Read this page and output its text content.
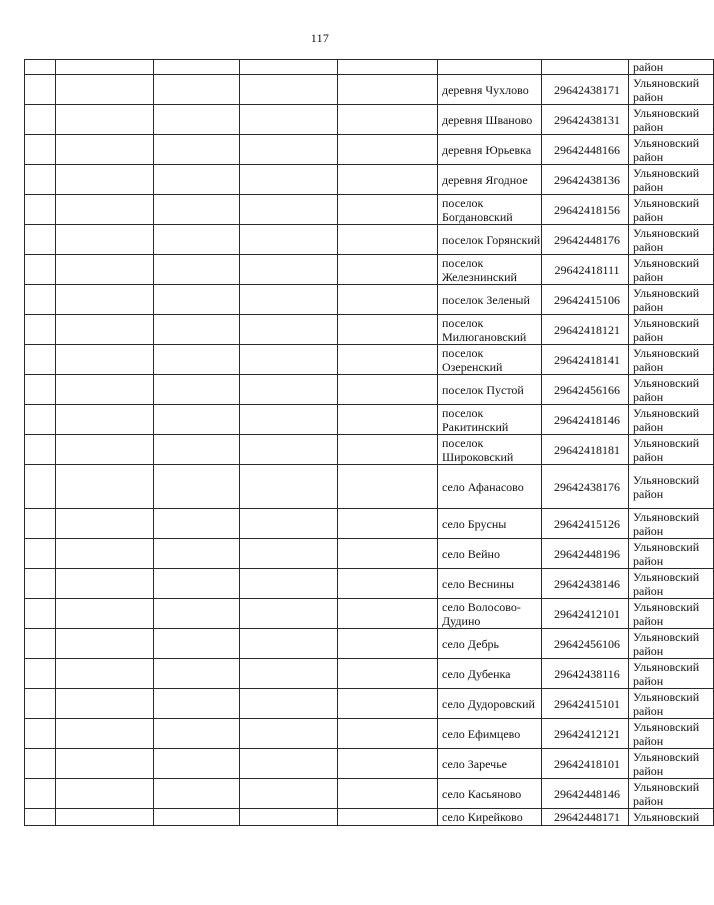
117
							район
					деревня Чухлово	29642438171	Ульяновский район
					деревня Шваново	29642438131	Ульяновский район
					деревня Юрьевка	29642448166	Ульяновский район
					деревня Ягодное	29642438136	Ульяновский район
					поселок Богдановский	29642418156	Ульяновский район
					поселок Горянский	29642448176	Ульяновский район
					поселок Железнинский	29642418111	Ульяновский район
					поселок Зеленый	29642415106	Ульяновский район
					поселок Милюгановский	29642418121	Ульяновский район
					поселок Озеренский	29642418141	Ульяновский район
					поселок Пустой	29642456166	Ульяновский район
					поселок Ракитинский	29642418146	Ульяновский район
					поселок Широковский	29642418181	Ульяновский район
					село Афанасово	29642438176	Ульяновский район
					село Брусны	29642415126	Ульяновский район
					село Вейно	29642448196	Ульяновский район
					село Веснины	29642438146	Ульяновский район
					село Волосово-Дудино	29642412101	Ульяновский район
					село Дебрь	29642456106	Ульяновский район
					село Дубенка	29642438116	Ульяновский район
					село Дудоровский	29642415101	Ульяновский район
					село Ефимцево	29642412121	Ульяновский район
					село Заречье	29642418101	Ульяновский район
					село Касьяново	29642448146	Ульяновский район
					село Кирейково	29642448171	Ульяновский
